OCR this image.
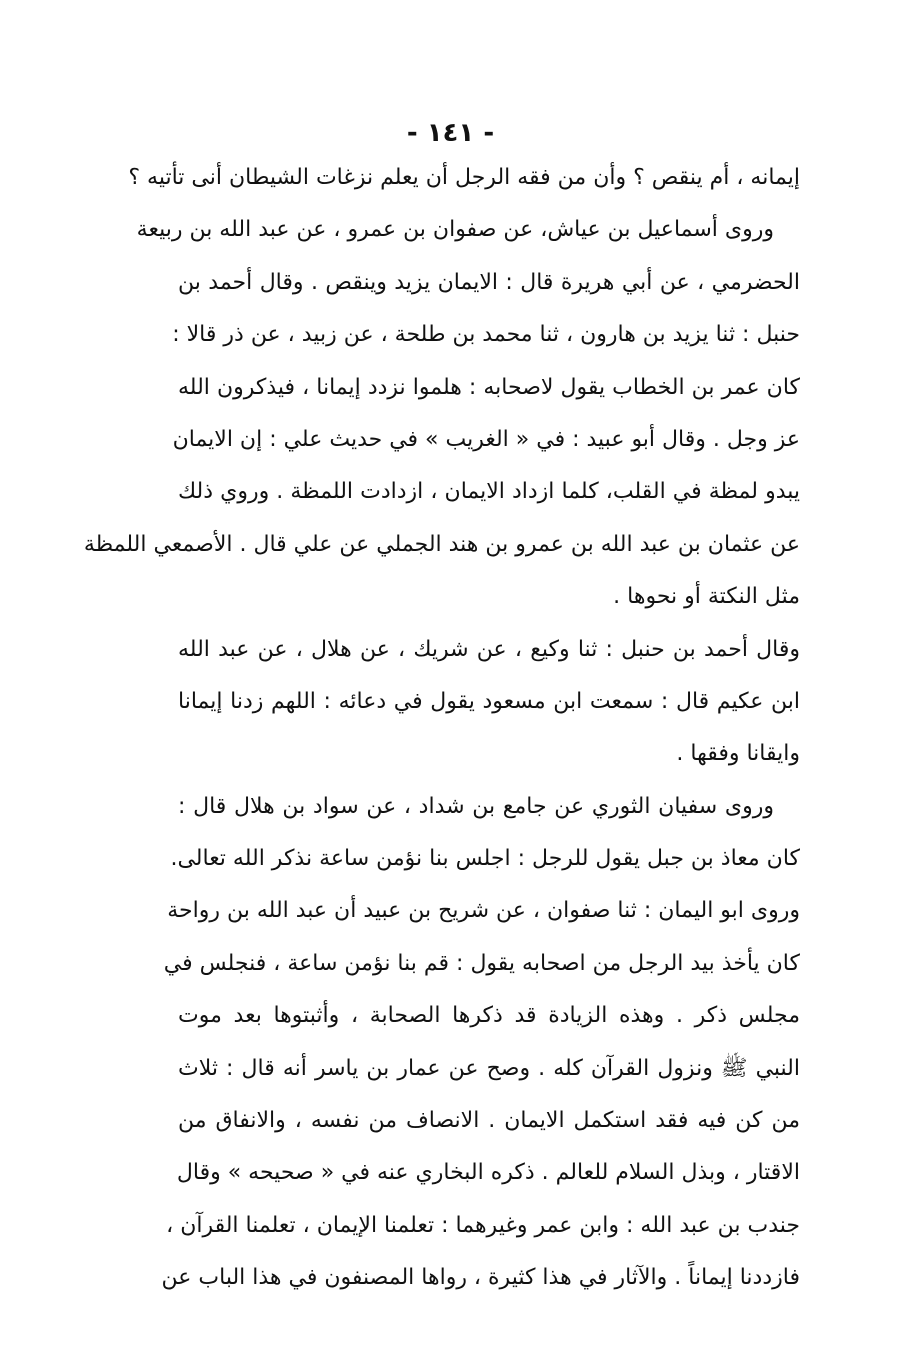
- ١٤١ -
إيمانه ، أم ينقص ؟ وأن من فقه الرجل أن يعلم نزغات الشيطان أنى تأتيه ؟
وروى أسماعيل بن عياش، عن صفوان بن عمرو ، عن عبد الله بن ربيعة
الحضرمي ، عن أبي هريرة قال : الايمان يزيد وينقص . وقال أحمد بن
حنبل : ثنا يزيد بن هارون ، ثنا محمد بن طلحة ، عن زبيد ، عن ذر قالا :
كان عمر بن الخطاب يقول لاصحابه : هلموا نزدد إيمانا ، فيذكرون الله
عز وجل . وقال أبو عبيد : في « الغريب » في حديث علي : إن الايمان
يبدو لمظة في القلب، كلما ازداد الايمان ، ازدادت اللمظة . وروي ذلك
عن عثمان بن عبد الله بن عمرو بن هند الجملي عن علي قال . الأصمعي اللمظة
مثل النكتة أو نحوها .
وقال أحمد بن حنبل : ثنا وكيع ، عن شريك ، عن هلال ، عن عبد الله
ابن عكيم قال : سمعت ابن مسعود يقول في دعائه : اللهم زدنا إيمانا
وايقانا وفقها .
وروى سفيان الثوري عن جامع بن شداد ، عن سواد بن هلال قال :
كان معاذ بن جبل يقول للرجل : اجلس بنا نؤمن ساعة نذكر الله تعالى.
وروى ابو اليمان : ثنا صفوان ، عن شريح بن عبيد أن عبد الله بن رواحة
كان يأخذ بيد الرجل من اصحابه يقول : قم بنا نؤمن ساعة ، فنجلس في
مجلس ذكر . وهذه الزيادة قد ذكرها الصحابة ، وأثبتوها بعد موت
النبي ﷺ ونزول القرآن كله . وصح عن عمار بن ياسر أنه قال : ثلاث
من كن فيه فقد استكمل الايمان . الانصاف من نفسه ، والانفاق من
الاقتار ، وبذل السلام للعالم . ذكره البخاري عنه في « صحيحه » وقال
جندب بن عبد الله : وابن عمر وغيرهما : تعلمنا الإيمان ، تعلمنا القرآن ،
فازددنا إيماناً . والآثار في هذا كثيرة ، رواها المصنفون في هذا الباب عن
